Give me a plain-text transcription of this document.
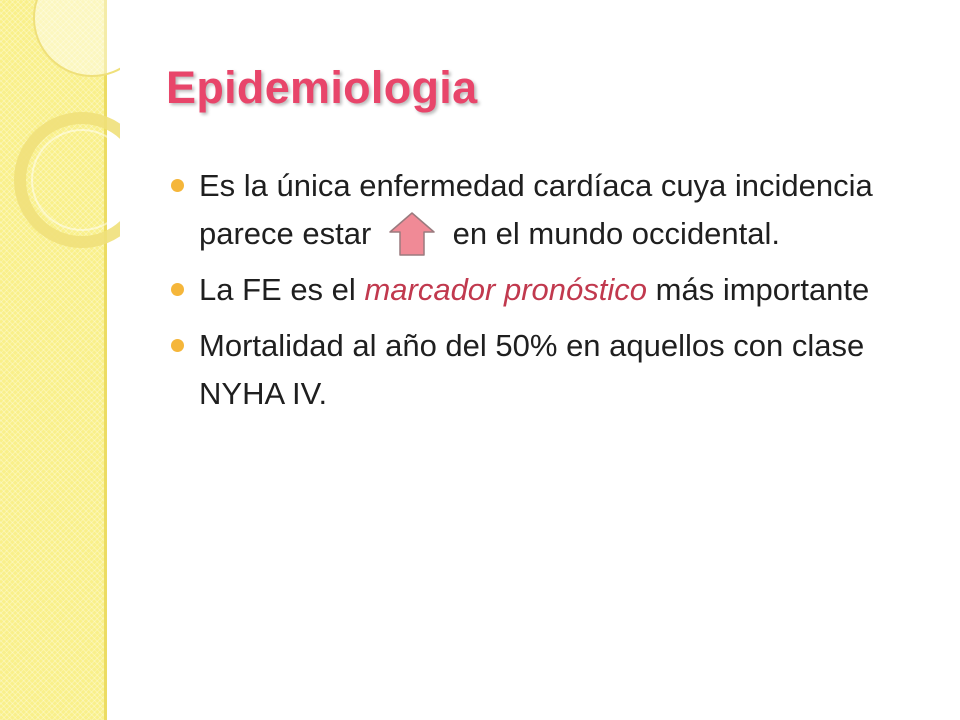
Epidemiologia
Es la única enfermedad cardíaca cuya incidencia parece estar	en el mundo occidental.
La FE es el marcador pronóstico más importante
Mortalidad al año del 50% en aquellos con clase NYHA IV.
